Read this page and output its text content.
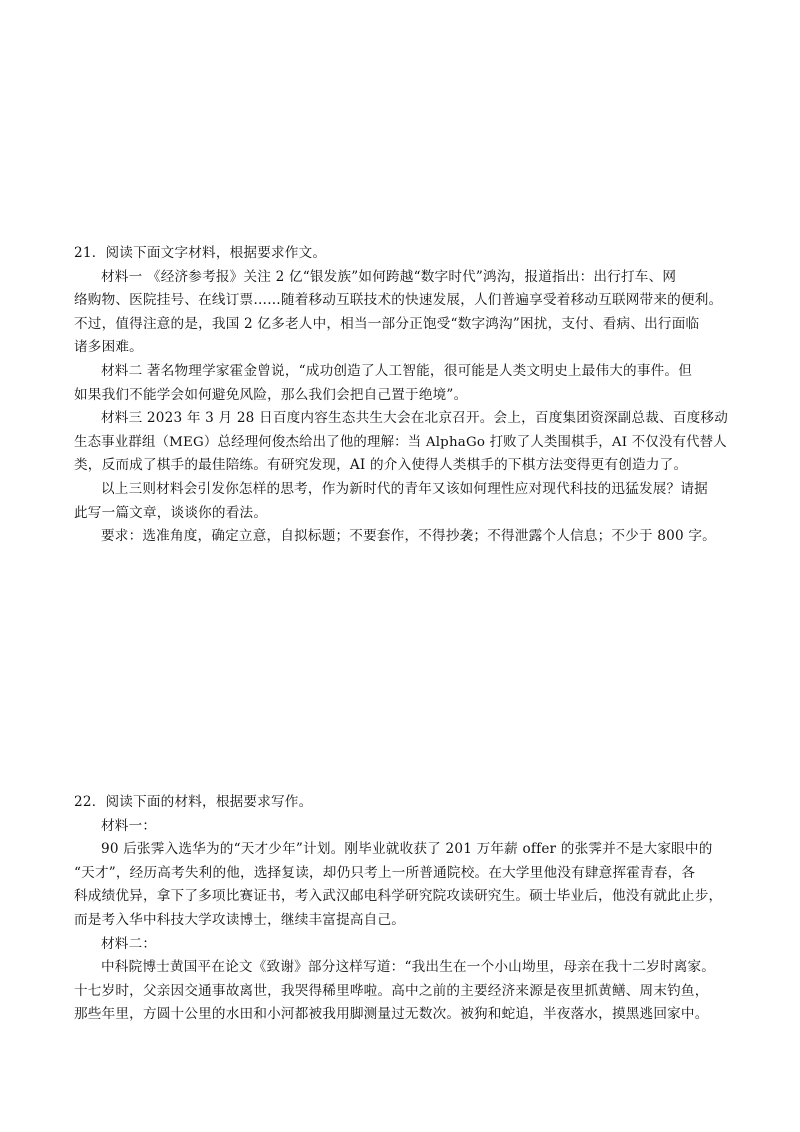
21．阅读下面文字材料，根据要求作文。
材料一 《经济参考报》关注 2 亿“银发族”如何跨越“数字时代”鸿沟，报道指出：出行打车、网
络购物、医院挂号、在线订票……随着移动互联技术的快速发展，人们普遍享受着移动互联网带来的便利。
不过，值得注意的是，我国 2 亿多老人中，相当一部分正饱受“数字鸿沟”困扰，支付、看病、出行面临
诸多困难。
材料二 著名物理学家霍金曾说，“成功创造了人工智能，很可能是人类文明史上最伟大的事件。但
如果我们不能学会如何避免风险，那么我们会把自己置于绝境”。
材料三 2023 年 3 月 28 日百度内容生态共生大会在北京召开。会上，百度集团资深副总裁、百度移动
生态事业群组（MEG）总经理何俊杰给出了他的理解：当 AlphaGo 打败了人类围棋手，AI 不仅没有代替人
类，反而成了棋手的最佳陪练。有研究发现，AI 的介入使得人类棋手的下棋方法变得更有创造力了。
以上三则材料会引发你怎样的思考，作为新时代的青年又该如何理性应对现代科技的迅猛发展？请据
此写一篇文章，谈谈你的看法。
要求：选准角度，确定立意，自拟标题；不要套作，不得抄袭；不得泄露个人信息；不少于 800 字。
22．阅读下面的材料，根据要求写作。
材料一：
90 后张霁入选华为的“天才少年”计划。刚毕业就收获了 201 万年薪 offer 的张霁并不是大家眼中的
“天才”，经历高考失利的他，选择复读，却仍只考上一所普通院校。在大学里他没有肆意挥霍青春，各
科成绩优异，拿下了多项比赛证书，考入武汉邮电科学研究院攻读研究生。硕士毕业后，他没有就此止步，
而是考入华中科技大学攻读博士，继续丰富提高自己。
材料二：
中科院博士黄国平在论文《致谢》部分这样写道：“我出生在一个小山坳里，母亲在我十二岁时离家。
十七岁时，父亲因交通事故离世，我哭得稀里哗啦。高中之前的主要经济来源是夜里抓黄鳝、周末钓鱼，
那些年里，方圆十公里的水田和小河都被我用脚测量过无数次。被狗和蛇追，半夜落水，摸黑逃回家中。
